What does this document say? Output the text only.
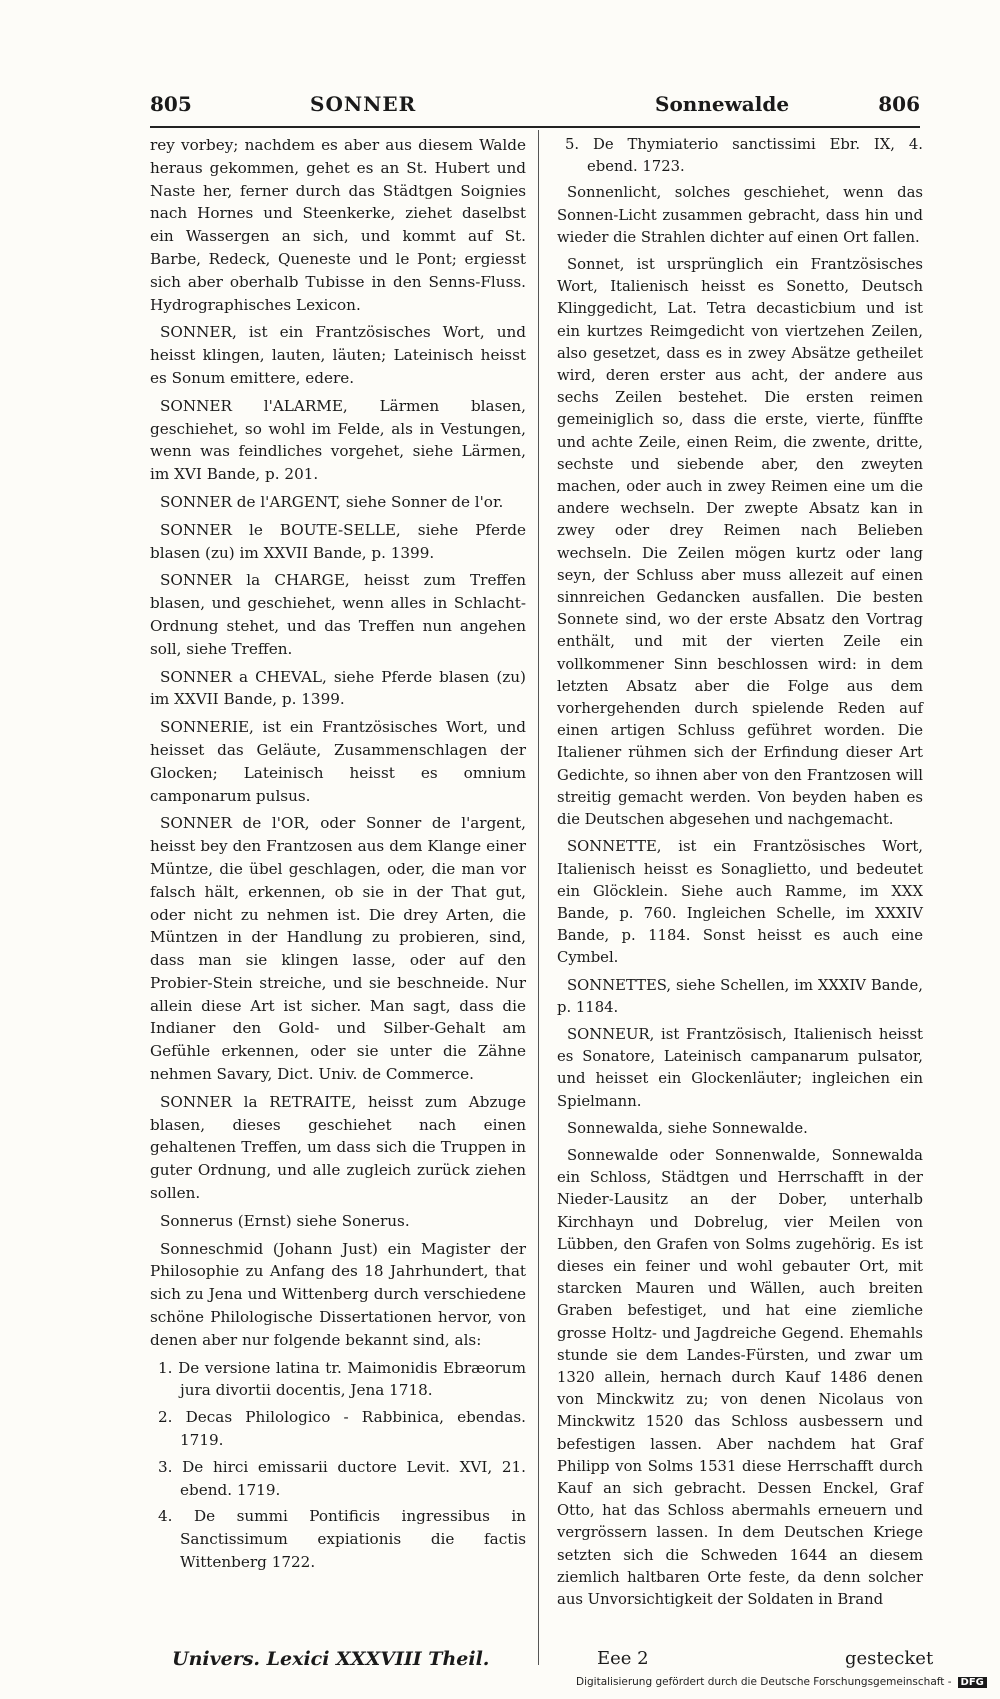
805	SONNER	Sonnewalde	806

rey vorbey; nachdem es aber aus diesem Walde heraus gekommen, gehet es an St. Hubert und Naste her, ferner durch das Städtgen Soignies nach Hornes und Steenkerke, ziehet daselbst ein Wassergen an sich, und kommt auf St. Barbe, Redeck, Queneste und le Pont; ergiesst sich aber oberhalb Tubisse in den Senns-Fluss. Hydrographisches Lexicon.

SONNER, ist ein Frantzösisches Wort, und heisst klingen, lauten, läuten; Lateinisch heisst es Sonum emittere, edere.

SONNER l'ALARME, Lärmen blasen, geschiehet, so wohl im Felde, als in Vestungen, wenn was feindliches vorgehet, siehe Lärmen, im XVI Bande, p. 201.

SONNER de l'ARGENT, siehe Sonner de l'or.

SONNER le BOUTE-SELLE, siehe Pferde blasen (zu) im XXVII Bande, p. 1399.

SONNER la CHARGE, heisst zum Treffen blasen, und geschiehet, wenn alles in Schlacht-Ordnung stehet, und das Treffen nun angehen soll, siehe Treffen.

SONNER a CHEVAL, siehe Pferde blasen (zu) im XXVII Bande, p. 1399.

SONNERIE, ist ein Frantzösisches Wort, und heisset das Geläute, Zusammenschlagen der Glocken; Lateinisch heisst es omnium camponarum pulsus.

SONNER de l'OR, oder Sonner de l'argent, heisst bey den Frantzosen aus dem Klange einer Müntze, die übel geschlagen, oder, die man vor falsch hält, erkennen, ob sie in der That gut, oder nicht zu nehmen ist. Die drey Arten, die Müntzen in der Handlung zu probieren, sind, dass man sie klingen lasse, oder auf den Probier-Stein streiche, und sie beschneide. Nur allein diese Art ist sicher. Man sagt, dass die Indianer den Gold- und Silber-Gehalt am Gefühle erkennen, oder sie unter die Zähne nehmen Savary, Dict. Univ. de Commerce.

SONNER la RETRAITE, heisst zum Abzuge blasen, dieses geschiehet nach einen gehaltenen Treffen, um dass sich die Truppen in guter Ordnung, und alle zugleich zurück ziehen sollen.

Sonnerus (Ernst) siehe Sonerus.

Sonneschmid (Johann Just) ein Magister der Philosophie zu Anfang des 18 Jahrhundert, that sich zu Jena und Wittenberg durch verschiedene schöne Philologische Dissertationen hervor, von denen aber nur folgende bekannt sind, als:

1. De versione latina tr. Maimonidis Ebræorum jura divortii docentis, Jena 1718.

2. Decas Philologico - Rabbinica, ebendas. 1719.

3. De hirci emissarii ductore Levit. XVI, 21. ebend. 1719.

4. De summi Pontificis ingressibus in Sanctissimum expiationis die factis Wittenberg 1722.

5. De Thymiaterio sanctissimi Ebr. IX, 4. ebend. 1723.

Sonnenlicht, solches geschiehet, wenn das Sonnen-Licht zusammen gebracht, dass hin und wieder die Strahlen dichter auf einen Ort fallen.

Sonnet, ist ursprünglich ein Frantzösisches Wort, Italienisch heisst es Sonetto, Deutsch Klinggedicht, Lat. Tetra decasticbium und ist ein kurtzes Reimgedicht von viertzehen Zeilen, also gesetzet, dass es in zwey Absätze getheilet wird, deren erster aus acht, der andere aus sechs Zeilen bestehet. Die ersten reimen gemeiniglich so, dass die erste, vierte, fünffte und achte Zeile, einen Reim, die zwente, dritte, sechste und siebende aber, den zweyten machen, oder auch in zwey Reimen eine um die andere wechseln. Der zwepte Absatz kan in zwey oder drey Reimen nach Belieben wechseln. Die Zeilen mögen kurtz oder lang seyn, der Schluss aber muss allezeit auf einen sinnreichen Gedancken ausfallen. Die besten Sonnete sind, wo der erste Absatz den Vortrag enthält, und mit der vierten Zeile ein vollkommener Sinn beschlossen wird: in dem letzten Absatz aber die Folge aus dem vorhergehenden durch spielende Reden auf einen artigen Schluss geführet worden. Die Italiener rühmen sich der Erfindung dieser Art Gedichte, so ihnen aber von den Frantzosen will streitig gemacht werden. Von beyden haben es die Deutschen abgesehen und nachgemacht.

SONNETTE, ist ein Frantzösisches Wort, Italienisch heisst es Sonaglietto, und bedeutet ein Glöcklein. Siehe auch Ramme, im XXX Bande, p. 760. Ingleichen Schelle, im XXXIV Bande, p. 1184. Sonst heisst es auch eine Cymbel.

SONNETTES, siehe Schellen, im XXXIV Bande, p. 1184.

SONNEUR, ist Frantzösisch, Italienisch heisst es Sonatore, Lateinisch campanarum pulsator, und heisset ein Glockenläuter; ingleichen ein Spielmann.

Sonnewalda, siehe Sonnewalde.

Sonnewalde oder Sonnenwalde, Sonnewalda ein Schloss, Städtgen und Herrschafft in der Nieder-Lausitz an der Dober, unterhalb Kirchhayn und Dobrelug, vier Meilen von Lübben, den Grafen von Solms zugehörig. Es ist dieses ein feiner und wohl gebauter Ort, mit starcken Mauren und Wällen, auch breiten Graben befestiget, und hat eine ziemliche grosse Holtz- und Jagdreiche Gegend. Ehemahls stunde sie dem Landes-Fürsten, und zwar um 1320 allein, hernach durch Kauf 1486 denen von Minckwitz zu; von denen Nicolaus von Minckwitz 1520 das Schloss ausbessern und befestigen lassen. Aber nachdem hat Graf Philipp von Solms 1531 diese Herrschafft durch Kauf an sich gebracht. Dessen Enckel, Graf Otto, hat das Schloss abermahls erneuern und vergrössern lassen. In dem Deutschen Kriege setzten sich die Schweden 1644 an diesem ziemlich haltbaren Orte feste, da denn solcher aus Unvorsichtigkeit der Soldaten in Brand

Univers. Lexici XXXVIII Theil.	Eee 2	gestecket
Digitalisierung gefördert durch die Deutsche Forschungsgemeinschaft - DFG
